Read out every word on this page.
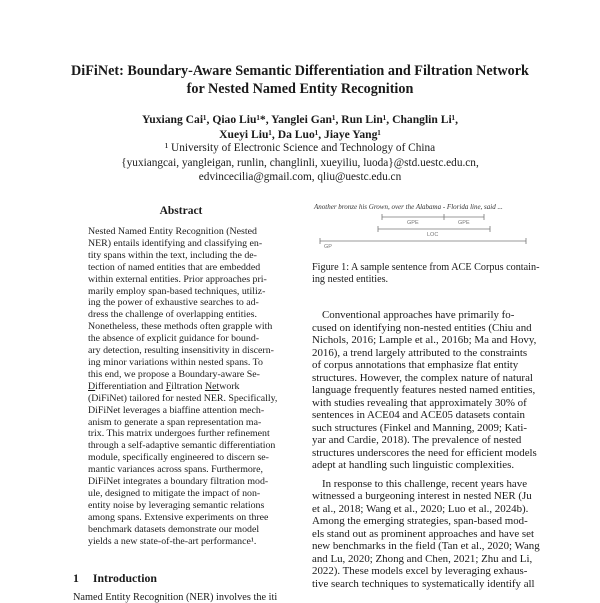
DiFiNet: Boundary-Aware Semantic Differentiation and Filtration Network
for Nested Named Entity Recognition
Yuxiang Cai¹, Qiao Liu¹*, Yanglei Gan¹, Run Lin¹, Changlin Li¹,
Xueyi Liu¹, Da Luo¹, Jiaye Yang¹
¹ University of Electronic Science and Technology of China
{yuxiangcai, yangleigan, runlin, changlinli, xueyiliu, luoda}@std.uestc.edu.cn,
edvincecilia@gmail.com, qliu@uestc.edu.cn
Abstract
Nested Named Entity Recognition (Nested
NER) entails identifying and classifying en-
tity spans within the text, including the de-
tection of named entities that are embedded
within external entities. Prior approaches pri-
marily employ span-based techniques, utiliz-
ing the power of exhaustive searches to ad-
dress the challenge of overlapping entities.
Nonetheless, these methods often grapple with
the absence of explicit guidance for bound-
ary detection, resulting insensitivity in discern-
ing minor variations within nested spans. To
this end, we propose a Boundary-aware Se-
Differentiation and Filtration Network
(DiFiNet) tailored for nested NER. Specifically,
DiFiNet leverages a biaffine attention mech-
anism to generate a span representation ma-
trix. This matrix undergoes further refinement
through a self-adaptive semantic differentiation
module, specifically engineered to discern se-
mantic variances across spans. Furthermore,
DiFiNet integrates a boundary filtration mod-
ule, designed to mitigate the impact of non-
entity noise by leveraging semantic relations
among spans. Extensive experiments on three
benchmark datasets demonstrate our model
yields a new state-of-the-art performance¹.
1 Introduction
Named Entity Recognition (NER) involves the iti
Another bronze his Grown, over the Alabama - Florida line, said ...
GPE	GPE
LOC
GP
Figure 1: A sample sentence from ACE Corpus contain-
ing nested entities.
Conventional approaches have primarily fo-
cused on identifying non-nested entities (Chiu and
Nichols, 2016; Lample et al., 2016b; Ma and Hovy,
2016), a trend largely attributed to the constraints
of corpus annotations that emphasize flat entity
structures. However, the complex nature of natural
language frequently features nested named entities,
with studies revealing that approximately 30% of
sentences in ACE04 and ACE05 datasets contain
such structures (Finkel and Manning, 2009; Kati-
yar and Cardie, 2018). The prevalence of nested
structures underscores the need for efficient models
adept at handling such linguistic complexities.
In response to this challenge, recent years have
witnessed a burgeoning interest in nested NER (Ju
et al., 2018; Wang et al., 2020; Luo et al., 2024b).
Among the emerging strategies, span-based mod-
els stand out as prominent approaches and have set
new benchmarks in the field (Tan et al., 2020; Wang
and Lu, 2020; Zhong and Chen, 2021; Zhu and Li,
2022). These models excel by leveraging exhaus-
tive search techniques to systematically identify all
